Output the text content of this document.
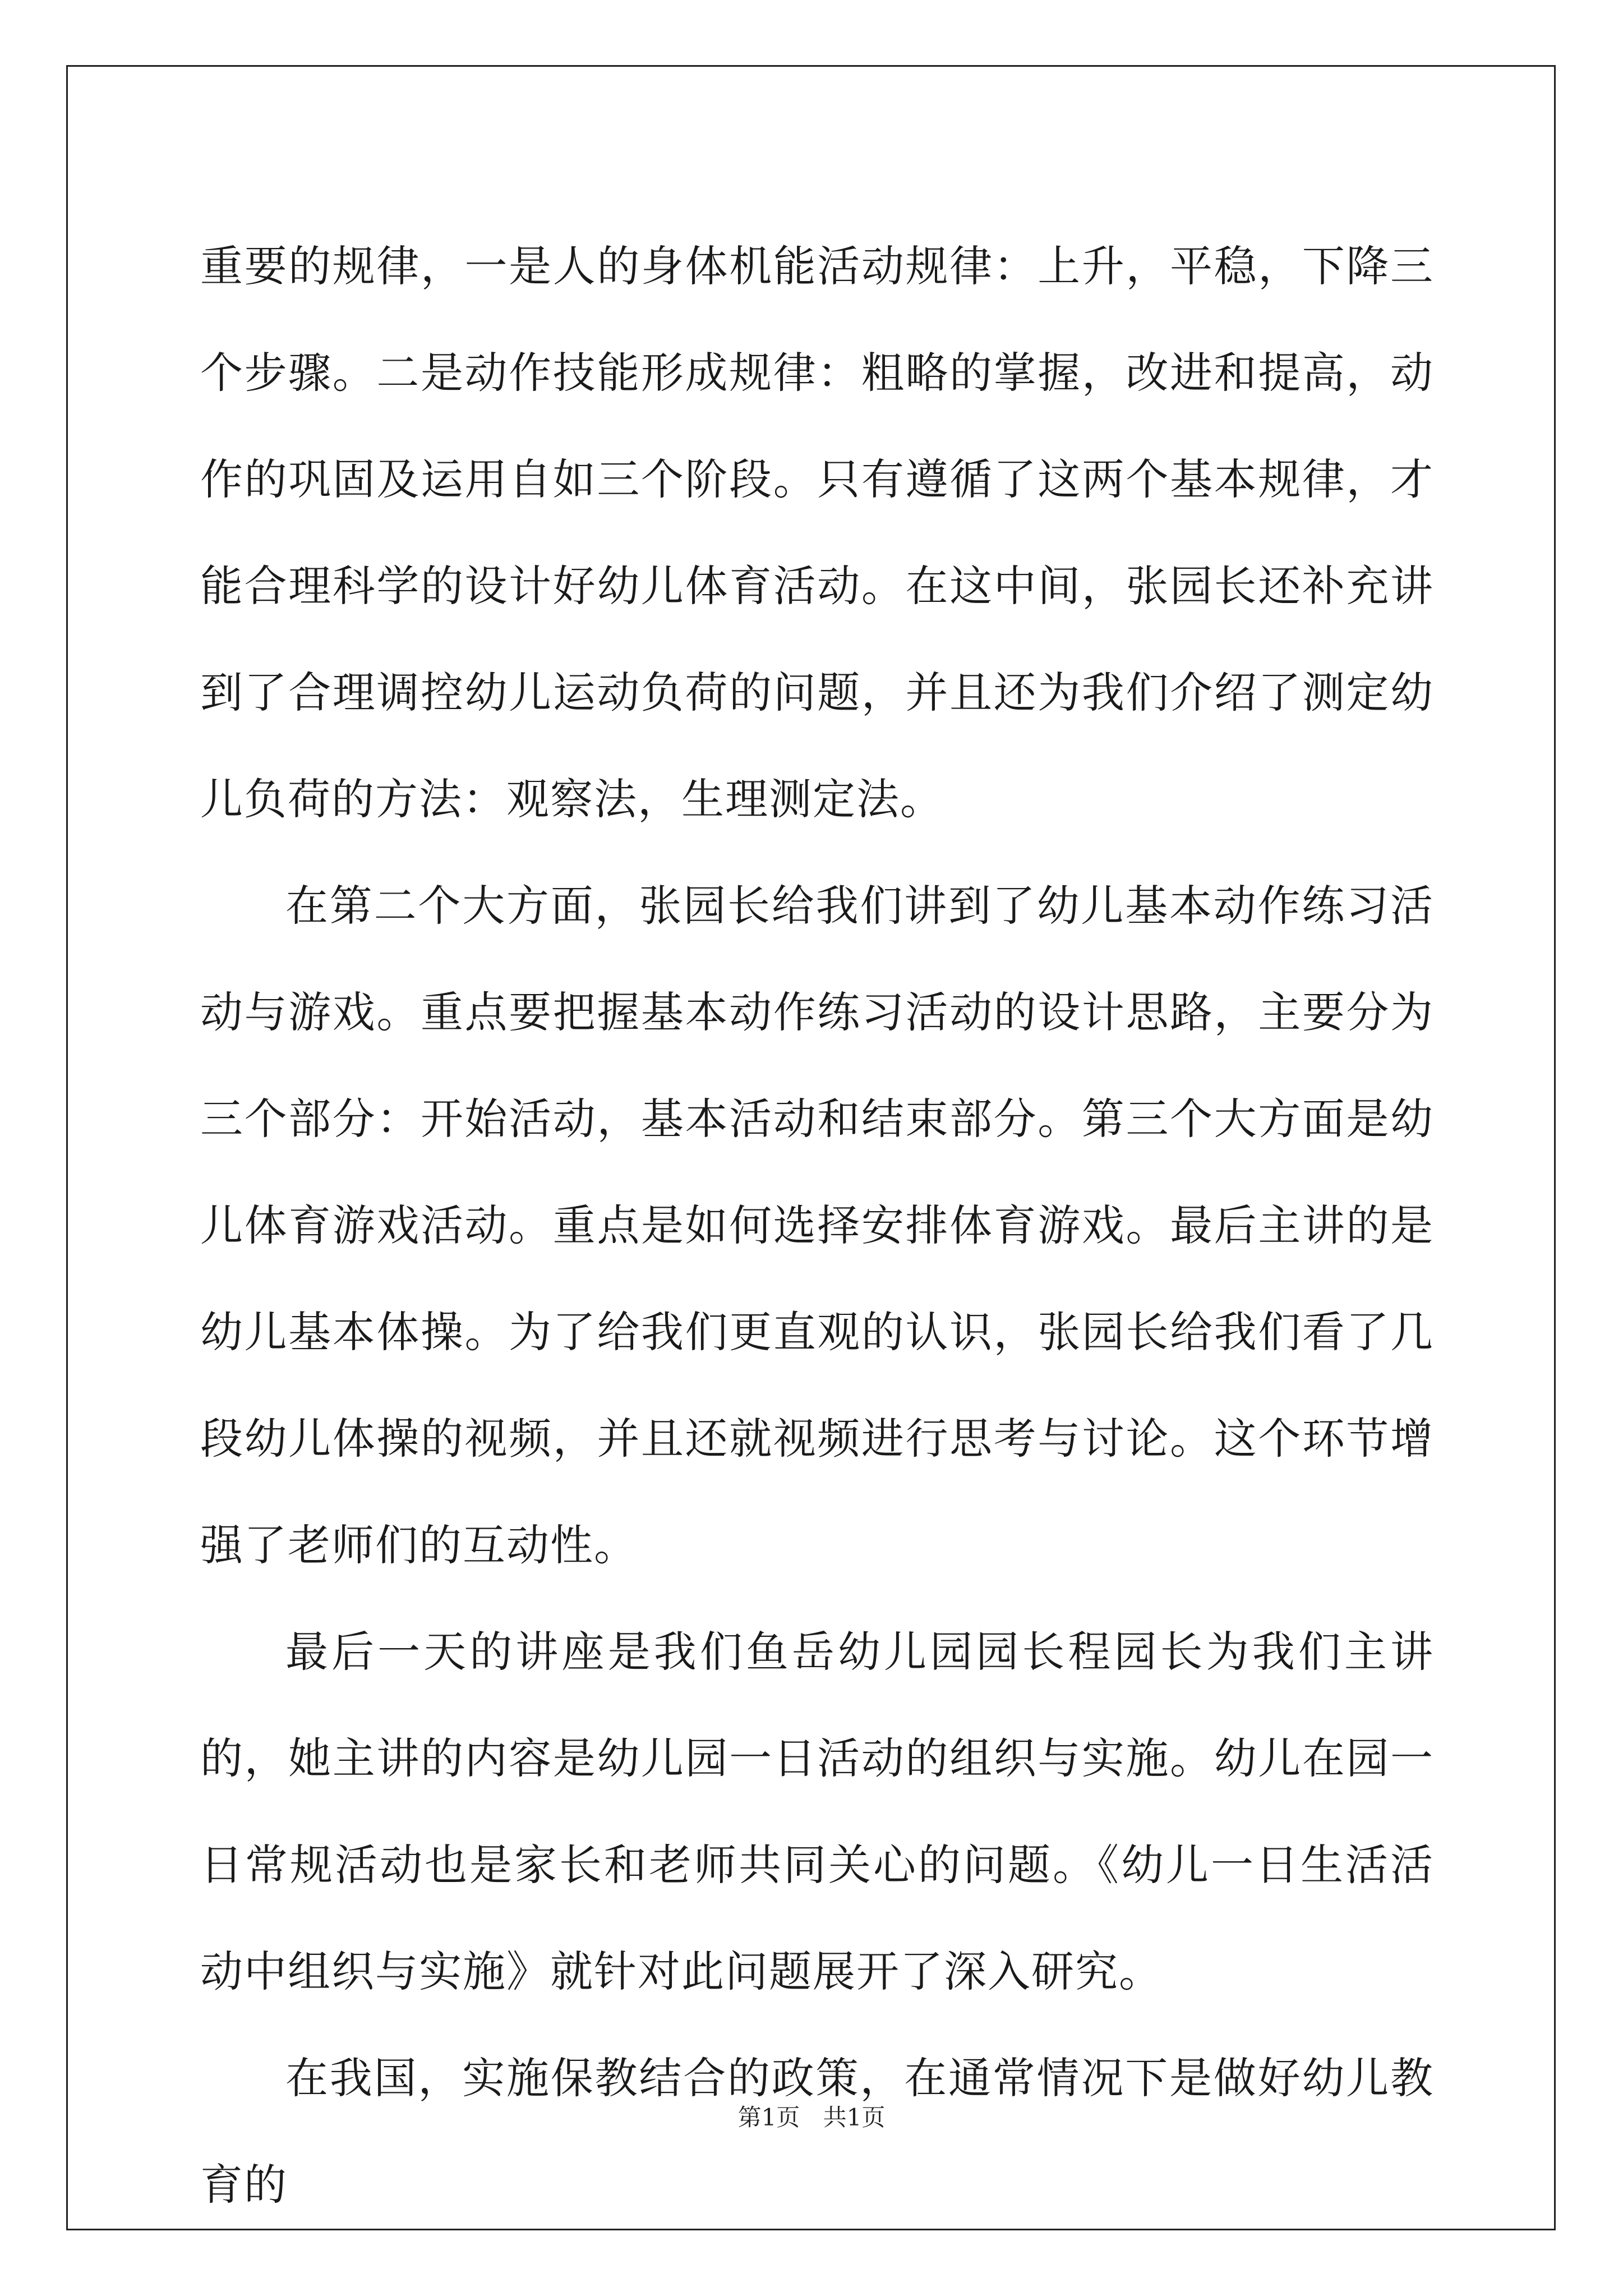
重要的规律，一是人的身体机能活动规律：上升，平稳，下降三个步骤。二是动作技能形成规律：粗略的掌握，改进和提高，动作的巩固及运用自如三个阶段。只有遵循了这两个基本规律，才能合理科学的设计好幼儿体育活动。在这中间，张园长还补充讲到了合理调控幼儿运动负荷的问题，并且还为我们介绍了测定幼儿负荷的方法：观察法，生理测定法。

在第二个大方面，张园长给我们讲到了幼儿基本动作练习活动与游戏。重点要把握基本动作练习活动的设计思路，主要分为三个部分：开始活动，基本活动和结束部分。第三个大方面是幼儿体育游戏活动。重点是如何选择安排体育游戏。最后主讲的是幼儿基本体操。为了给我们更直观的认识，张园长给我们看了几段幼儿体操的视频，并且还就视频进行思考与讨论。这个环节增强了老师们的互动性。

最后一天的讲座是我们鱼岳幼儿园园长程园长为我们主讲的，她主讲的内容是幼儿园一日活动的组织与实施。幼儿在园一日常规活动也是家长和老师共同关心的问题。《幼儿一日生活活动中组织与实施》就针对此问题展开了深入研究。

在我国，实施保教结合的政策，在通常情况下是做好幼儿教育的

第1页 共1页
